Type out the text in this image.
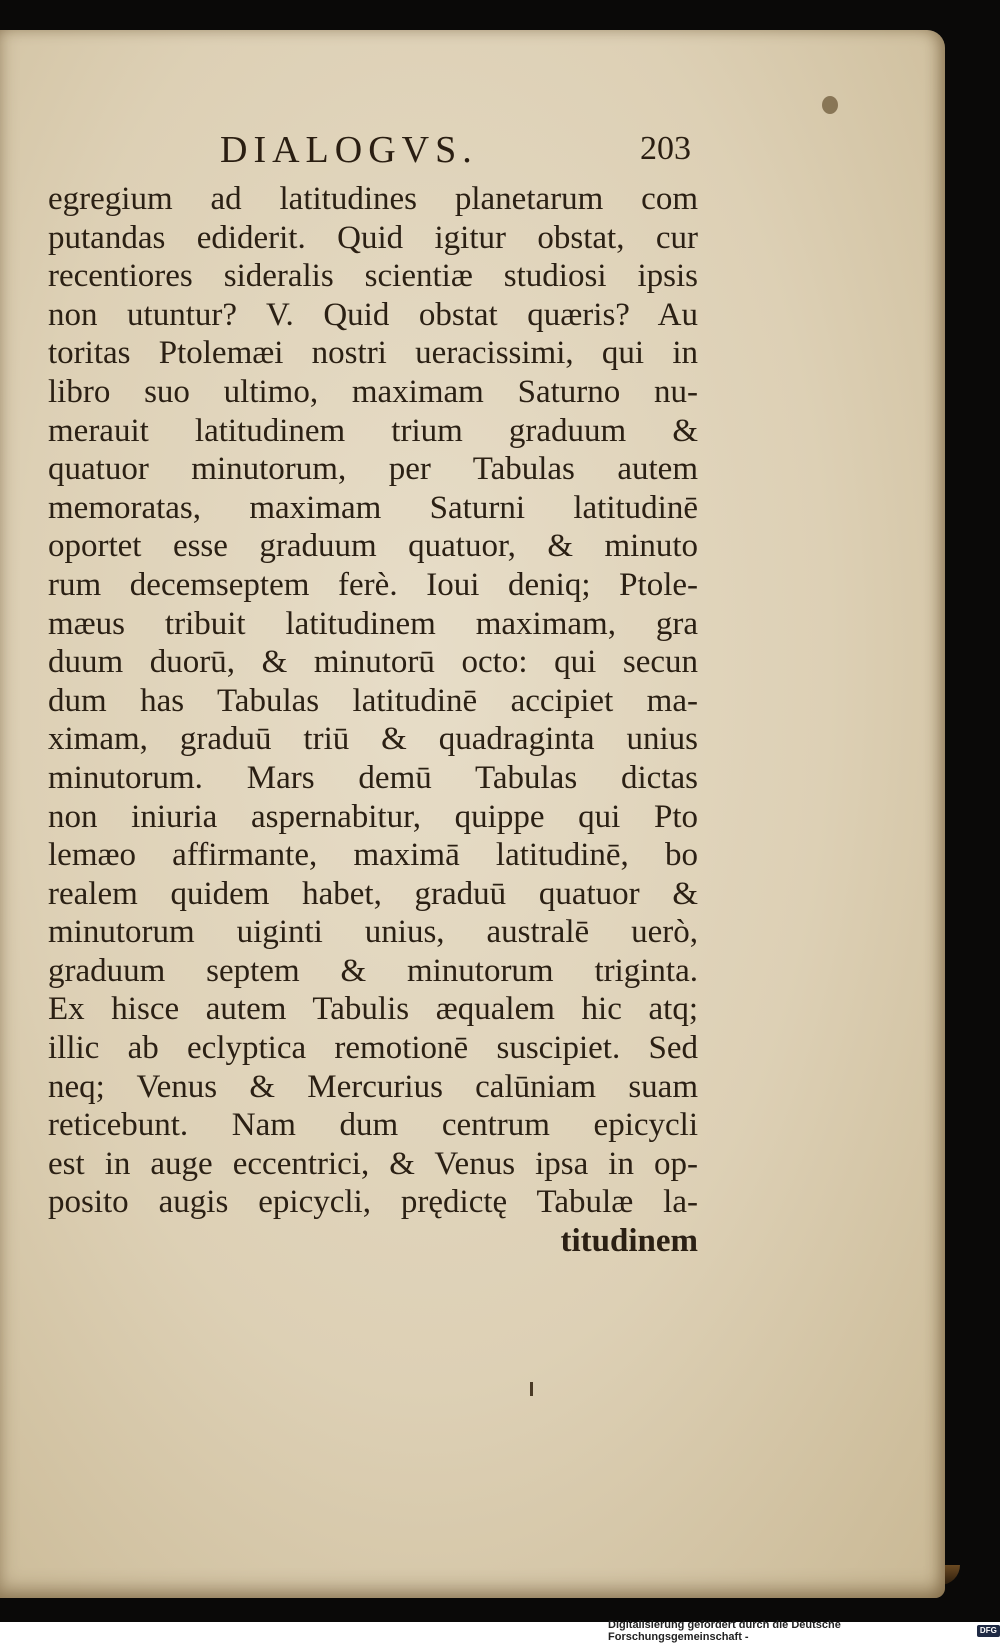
DIALOGVS.	203
egregium ad latitudines planetarum com
putandas ediderit. Quid igitur obstat, cur
recentiores sideralis scientiæ studiosi ipsis
non utuntur? V. Quid obstat quæris? Au
toritas Ptolemæi nostri ueracissimi, qui in
libro suo ultimo, maximam Saturno nu-
merauit latitudinem trium graduum &
quatuor minutorum, per Tabulas autem
memoratas, maximam Saturni latitudinē
oportet esse graduum quatuor, & minuto
rum decemseptem ferè. Ioui deniq; Ptole-
mæus tribuit latitudinem maximam, gra
duum duorū, & minutorū octo: qui secun
dum has Tabulas latitudinē accipiet ma-
ximam, graduū triū & quadraginta unius
minutorum. Mars demū Tabulas dictas
non iniuria aspernabitur, quippe qui Pto
lemæo affirmante, maximā latitudinē, bo
realem quidem habet, graduū quatuor &
minutorum uiginti unius, australē uerò,
graduum septem & minutorum triginta.
Ex hisce autem Tabulis æqualem hic atq;
illic ab eclyptica remotionē suscipiet. Sed
neq; Venus & Mercurius calūniam suam
reticebunt. Nam dum centrum epicycli
est in auge eccentrici, & Venus ipsa in op-
posito augis epicycli, prędictę Tabulæ la-
titudinem
Digitalisierung gefördert durch die Deutsche Forschungsgemeinschaft -
DFG
